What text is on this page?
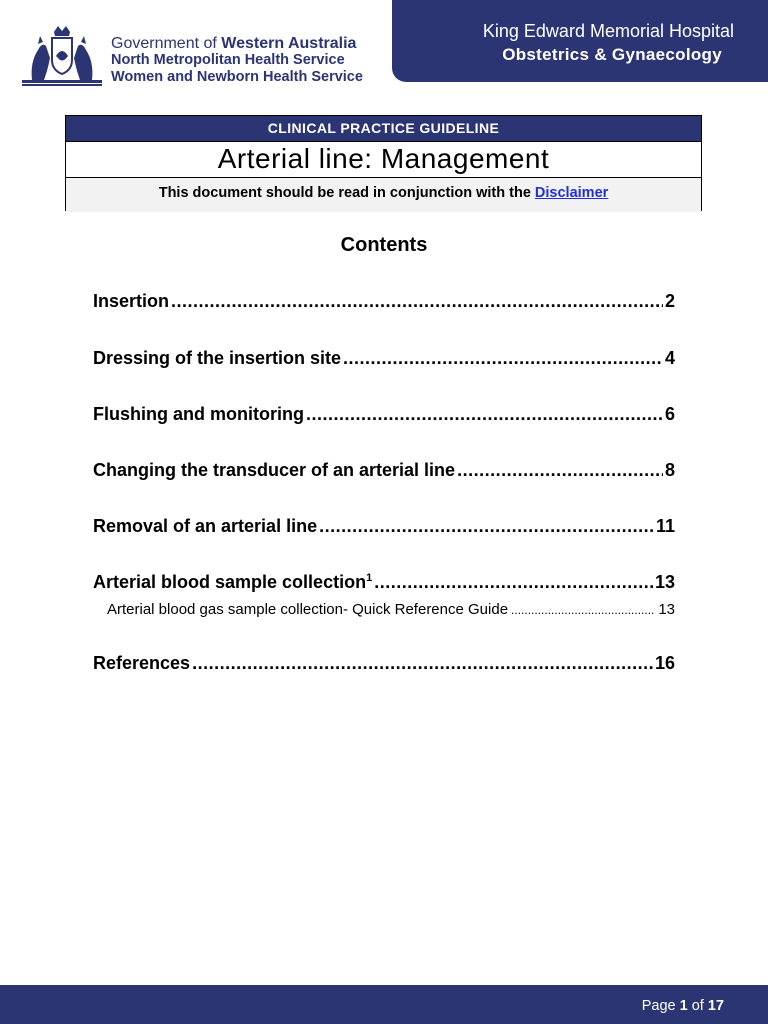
Government of Western Australia
North Metropolitan Health Service
Women and Newborn Health Service
King Edward Memorial Hospital
Obstetrics & Gynaecology
CLINICAL PRACTICE GUIDELINE
Arterial line: Management
This document should be read in conjunction with the Disclaimer
Contents
Insertion .....	2
Dressing of the insertion site .....	4
Flushing and monitoring .....	6
Changing the transducer of an arterial line .....	8
Removal of an arterial line .....	11
Arterial blood sample collection$^1$ .....	13
Arterial blood gas sample collection- Quick Reference Guide .....	13
References .....	16
Page 1 of 17
